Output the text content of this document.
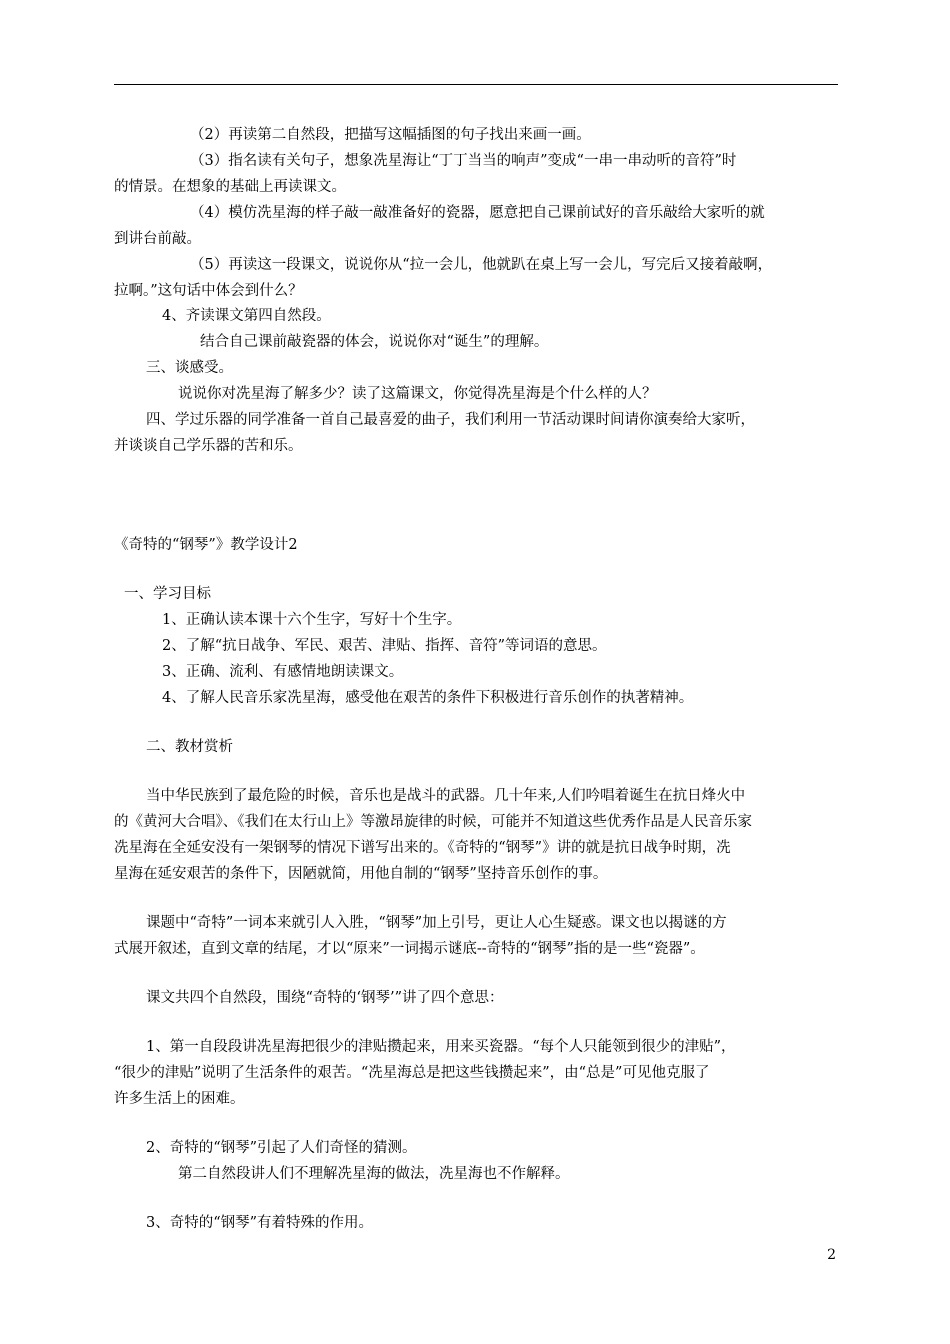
（2）再读第二自然段，把描写这幅插图的句子找出来画一画。
（3）指名读有关句子，想象冼星海让“丁丁当当的响声”变成“一串一串动听的音符”时
的情景。在想象的基础上再读课文。
（4）模仿冼星海的样子敲一敲准备好的瓷器，愿意把自己课前试好的音乐敲给大家听的就
到讲台前敲。
（5）再读这一段课文，说说你从“拉一会儿，他就趴在桌上写一会儿，写完后又接着敲啊，
拉啊。”这句话中体会到什么？
4、齐读课文第四自然段。
结合自己课前敲瓷器的体会，说说你对“诞生”的理解。
三、谈感受。
说说你对冼星海了解多少？读了这篇课文，你觉得冼星海是个什么样的人？
四、学过乐器的同学准备一首自己最喜爱的曲子，我们利用一节活动课时间请你演奏给大家听，
并谈谈自己学乐器的苦和乐。
《奇特的“钢琴”》教学设计2
一、学习目标
1、正确认读本课十六个生字，写好十个生字。
2、了解“抗日战争、军民、艰苦、津贴、指挥、音符”等词语的意思。
3、正确、流利、有感情地朗读课文。
4、了解人民音乐家冼星海，感受他在艰苦的条件下积极进行音乐创作的执著精神。
二、教材赏析
当中华民族到了最危险的时候，音乐也是战斗的武器。几十年来,人们吟唱着诞生在抗日烽火中
的《黄河大合唱》、《我们在太行山上》等激昂旋律的时候，可能并不知道这些优秀作品是人民音乐家
冼星海在全延安没有一架钢琴的情况下谱写出来的。《奇特的“钢琴”》讲的就是抗日战争时期，冼
星海在延安艰苦的条件下，因陋就简，用他自制的“钢琴”坚持音乐创作的事。
课题中“奇特”一词本来就引人入胜，“钢琴”加上引号，更让人心生疑惑。课文也以揭谜的方
式展开叙述，直到文章的结尾，才以“原来”一词揭示谜底--奇特的“钢琴”指的是一些“瓷器”。
课文共四个自然段，围绕“奇特的‘钢琴’”讲了四个意思：
1、第一自段段讲冼星海把很少的津贴攒起来，用来买瓷器。“每个人只能领到很少的津贴”，
“很少的津贴”说明了生活条件的艰苦。“冼星海总是把这些钱攒起来”，由“总是”可见他克服了
许多生活上的困难。
2、奇特的“钢琴”引起了人们奇怪的猜测。
第二自然段讲人们不理解冼星海的做法，冼星海也不作解释。
3、奇特的“钢琴”有着特殊的作用。
2
